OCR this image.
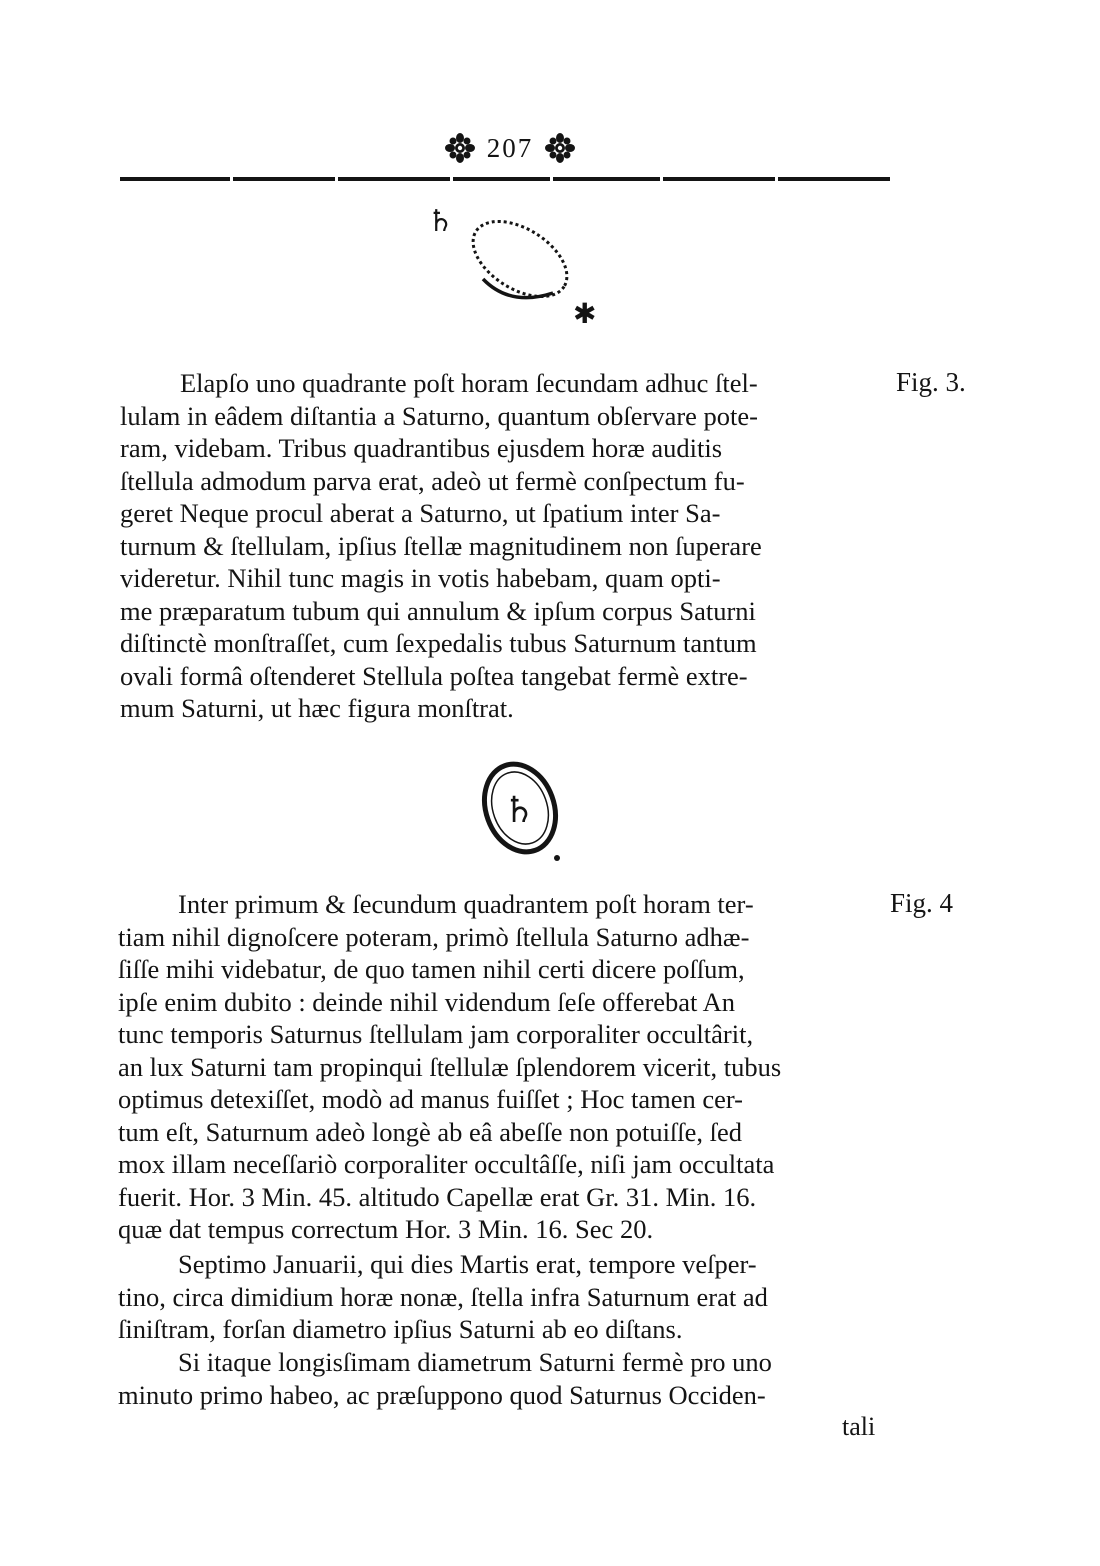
207
♄
✱
Elapſo uno quadrante poſt horam ſecundam adhuc ſtel-
lulam in eâdem diſtantia a Saturno, quantum obſervare pote-
ram, videbam. Tribus quadrantibus ejusdem horæ auditis
ſtellula admodum parva erat, adeò ut fermè conſpectum fu-
geret Neque procul aberat a Saturno, ut ſpatium inter Sa-
turnum & ſtellulam, ipſius ſtellæ magnitudinem non ſuperare
videretur. Nihil tunc magis in votis habebam, quam opti-
me præparatum tubum qui annulum & ipſum corpus Saturni
diſtinctè monſtraſſet, cum ſexpedalis tubus Saturnum tantum
ovali formâ oſtenderet Stellula poſtea tangebat fermè extre-
mum Saturni, ut hæc figura monſtrat.
Fig. 3.
♄
Inter primum & ſecundum quadrantem poſt horam ter-
tiam nihil dignoſcere poteram, primò ſtellula Saturno adhæ-
ſiſſe mihi videbatur, de quo tamen nihil certi dicere poſſum,
ipſe enim dubito : deinde nihil videndum ſeſe offerebat An
tunc temporis Saturnus ſtellulam jam corporaliter occultârit,
an lux Saturni tam propinqui ſtellulæ ſplendorem vicerit, tubus
optimus detexiſſet, modò ad manus fuiſſet ; Hoc tamen cer-
tum eſt, Saturnum adeò longè ab eâ abeſſe non potuiſſe, ſed
mox illam neceſſariò corporaliter occultâſſe, niſi jam occultata
fuerit. Hor. 3 Min. 45. altitudo Capellæ erat Gr. 31. Min. 16.
quæ dat tempus correctum Hor. 3 Min. 16. Sec 20.
Fig. 4
Septimo Januarii, qui dies Martis erat, tempore veſper-
tino, circa dimidium horæ nonæ, ſtella infra Saturnum erat ad
ſiniſtram, forſan diametro ipſius Saturni ab eo diſtans.
Si itaque longisſimam diametrum Saturni fermè pro uno
minuto primo habeo, ac præſuppono quod Saturnus Occiden-
tali
